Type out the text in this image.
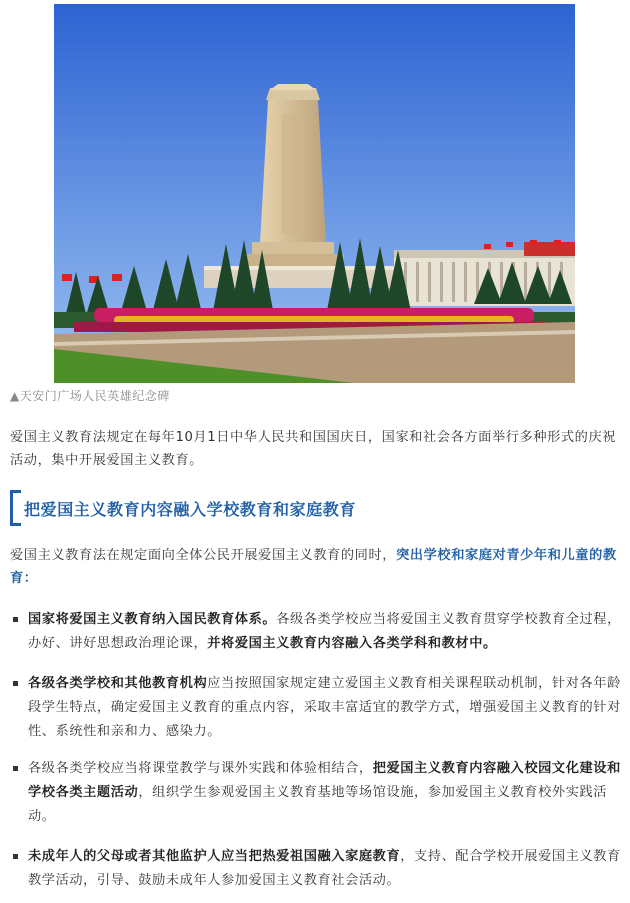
▲天安门广场人民英雄纪念碑
爱国主义教育法规定在每年10月1日中华人民共和国国庆日，国家和社会各方面举行多种形式的庆祝活动，集中开展爱国主义教育。
把爱国主义教育内容融入学校教育和家庭教育
爱国主义教育法在规定面向全体公民开展爱国主义教育的同时，突出学校和家庭对青少年和儿童的教育：
国家将爱国主义教育纳入国民教育体系。各级各类学校应当将爱国主义教育贯穿学校教育全过程，办好、讲好思想政治理论课，并将爱国主义教育内容融入各类学科和教材中。
各级各类学校和其他教育机构应当按照国家规定建立爱国主义教育相关课程联动机制，针对各年龄段学生特点，确定爱国主义教育的重点内容，采取丰富适宜的教学方式，增强爱国主义教育的针对性、系统性和亲和力、感染力。
各级各类学校应当将课堂教学与课外实践和体验相结合，把爱国主义教育内容融入校园文化建设和学校各类主题活动，组织学生参观爱国主义教育基地等场馆设施，参加爱国主义教育校外实践活动。
未成年人的父母或者其他监护人应当把热爱祖国融入家庭教育，支持、配合学校开展爱国主义教育教学活动，引导、鼓励未成年人参加爱国主义教育社会活动。
